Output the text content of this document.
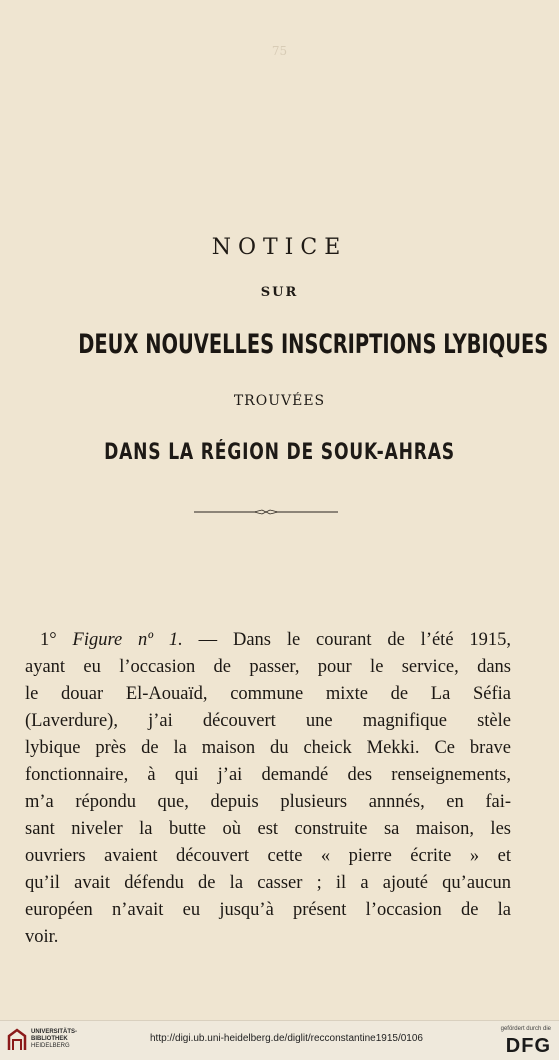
75
NOTICE
SUR
DEUX NOUVELLES INSCRIPTIONS LYBIQUES
TROUVÉES
DANS LA RÉGION DE SOUK-AHRAS
1° Figure nº 1. — Dans le courant de l’été 1915,
ayant eu l’occasion de passer, pour le service, dans
le douar El-Aouaïd, commune mixte de La Séfia
(Laverdure), j’ai découvert une magnifique stèle
lybique près de la maison du cheick Mekki. Ce brave
fonctionnaire, à qui j’ai demandé des renseignements,
m’a répondu que, depuis plusieurs annnés, en fai-
sant niveler la butte où est construite sa maison, les
ouvriers avaient découvert cette « pierre écrite » et
qu’il avait défendu de la casser ; il a ajouté qu’aucun
européen n’avait eu jusqu’à présent l’occasion de la
voir.
UNIVERSITÄTS-
BIBLIOTHEK
HEIDELBERG
http://digi.ub.uni-heidelberg.de/diglit/recconstantine1915/0106
gefördert durch die
DFG
